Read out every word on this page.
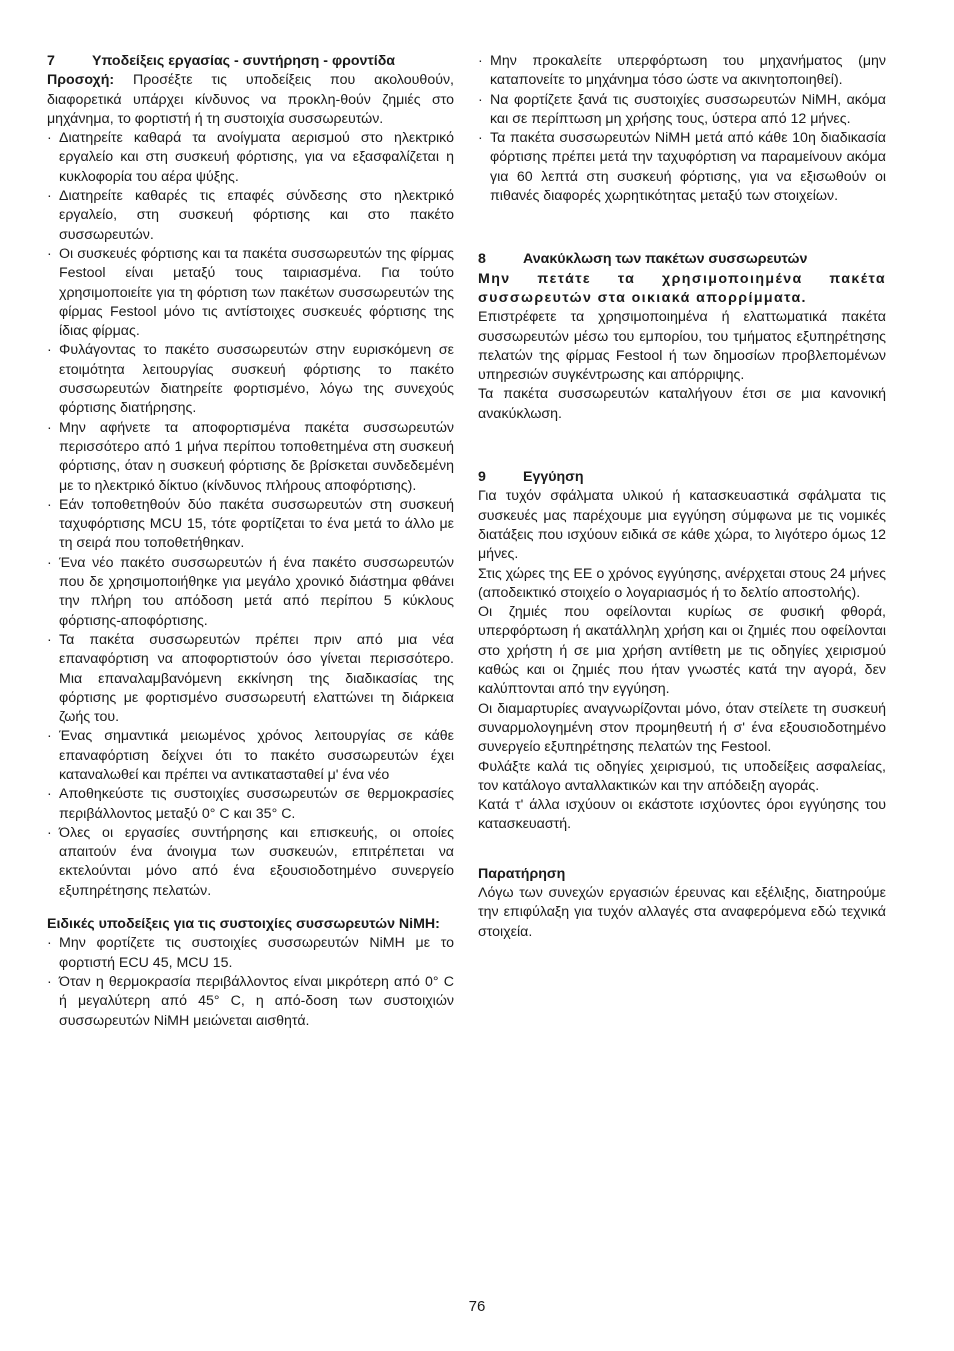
7	Υποδείξεις εργασίας - συντήρηση - φροντίδα

Προσοχή: Προσέξτε τις υποδείξεις που ακολουθούν, διαφορετικά υπάρχει κίνδυνος να προκλη-θούν ζημιές στο μηχάνημα, το φορτιστή ή τη συστοιχία συσσωρευτών.

· Διατηρείτε καθαρά τα ανοίγματα αερισμού στο ηλεκτρικό εργαλείο και στη συσκευή φόρτισης, για να εξασφαλίζεται η κυκλοφορία του αέρα ψύξης.
· Διατηρείτε καθαρές τις επαφές σύνδεσης στο ηλεκτρικό εργαλείο, στη συσκευή φόρτισης και στο πακέτο συσσωρευτών.
· Οι συσκευές φόρτισης και τα πακέτα συσσωρευτών της φίρμας Festool είναι μεταξύ τους ταιριασμένα. Για τούτο χρησιμοποιείτε για τη φόρτιση των πακέτων συσσωρευτών της φίρμας Festool μόνο τις αντίστοιχες συσκευές φόρτισης της ίδιας φίρμας.
· Φυλάγοντας το πακέτο συσσωρευτών στην ευρισκόμενη σε ετοιμότητα λειτουργίας συσκευή φόρτισης το πακέτο συσσωρευτών διατηρείτε φορτισμένο, λόγω της συνεχούς φόρτισης διατήρησης.
· Μην αφήνετε τα αποφορτισμένα πακέτα συσσωρευτών περισσότερο από 1 μήνα περίπου τοποθετημένα στη συσκευή φόρτισης, όταν η συσκευή φόρτισης δε βρίσκεται συνδεδεμένη με το ηλεκτρικό δίκτυο (κίνδυνος πλήρους αποφόρτισης).
· Εάν τοποθετηθούν δύο πακέτα συσσωρευτών στη συσκευή ταχυφόρτισης MCU 15, τότε φορτίζεται το ένα μετά το άλλο με τη σειρά που τοποθετήθηκαν.
· Ένα νέο πακέτο συσσωρευτών ή ένα πακέτο συσσωρευτών που δε χρησιμοποιήθηκε για μεγάλο χρονικό διάστημα φθάνει την πλήρη του απόδοση μετά από περίπου 5 κύκλους φόρτισης-αποφόρτισης.
· Τα πακέτα συσσωρευτών πρέπει πριν από μια νέα επαναφόρτιση να αποφορτιστούν όσο γίνεται περισσότερο. Μια επαναλαμβανόμενη εκκίνηση της διαδικασίας της φόρτισης με φορτισμένο συσσωρευτή ελαττώνει τη διάρκεια ζωής του.
· Ένας σημαντικά μειωμένος χρόνος λειτουργίας σε κάθε επαναφόρτιση δείχνει ότι το πακέτο συσσωρευτών έχει καταναλωθεί και πρέπει να αντικατασταθεί μ' ένα νέο
· Αποθηκεύστε τις συστοιχίες συσσωρευτών σε θερμοκρασίες περιβάλλοντος μεταξύ 0° C και 35° C.
· Όλες οι εργασίες συντήρησης και επισκευής, οι οποίες απαιτούν ένα άνοιγμα των συσκευών, επιτρέπεται να εκτελούνται μόνο από ένα εξουσιοδοτημένο συνεργείο εξυπηρέτησης πελατών.

Ειδικές υποδείξεις για τις συστοιχίες συσσωρευτών NiMH:

· Μην φορτίζετε τις συστοιχίες συσσωρευτών NiMH με το φορτιστή ECU 45, MCU 15.
· Όταν η θερμοκρασία περιβάλλοντος είναι μικρότερη από 0° C ή μεγαλύτερη από 45° C, η από-δοση των συστοιχιών συσσωρευτών NiMH μειώνεται αισθητά.
· Μην προκαλείτε υπερφόρτωση του μηχανήματος (μην καταπονείτε το μηχάνημα τόσο ώστε να ακινητοποιηθεί).
· Να φορτίζετε ξανά τις συστοιχίες συσσωρευτών NiMH, ακόμα και σε περίπτωση μη χρήσης τους, ύστερα από 12 μήνες.
· Τα πακέτα συσσωρευτών NiMH μετά από κάθε 10η διαδικασία φόρτισης πρέπει μετά την ταχυφόρτιση να παραμείνουν ακόμα για 60 λεπτά στη συσκευή φόρτισης, για να εξισωθούν οι πιθανές διαφορές χωρητικότητας μεταξύ των στοιχείων.
8	Ανακύκλωση των πακέτων συσσωρευτών

Μην πετάτε τα χρησιμοποιημένα πακέτα συσσωρευτών στα οικιακά απορρίμματα.

Επιστρέφετε τα χρησιμοποιημένα ή ελαττωματικά πακέτα συσσωρευτών μέσω του εμπορίου, του τμήματος εξυπηρέτησης πελατών της φίρμας Festool ή των δημοσίων προβλεπομένων υπηρεσιών συγκέντρωσης και απόρριψης.

Τα πακέτα συσσωρευτών καταλήγουν έτσι σε μια κανονική ανακύκλωση.

9	Εγγύηση

Για τυχόν σφάλματα υλικού ή κατασκευαστικά σφάλματα τις συσκευές μας παρέχουμε μια εγγύηση σύμφωνα με τις νομικές διατάξεις που ισχύουν ειδικά σε κάθε χώρα, το λιγότερο όμως 12 μήνες.

Στις χώρες της ΕΕ ο χρόνος εγγύησης, ανέρχεται στους 24 μήνες (αποδεικτικό στοιχείο ο λογαριασμός ή το δελτίο αποστολής).

Οι ζημιές που οφείλονται κυρίως σε φυσική φθορά, υπερφόρτωση ή ακατάλληλη χρήση και οι ζημιές που οφείλονται στο χρήστη ή σε μια χρήση αντίθετη με τις οδηγίες χειρισμού καθώς και οι ζημιές που ήταν γνωστές κατά την αγορά, δεν καλύπτονται από την εγγύηση.

Οι διαμαρτυρίες αναγνωρίζονται μόνο, όταν στείλετε τη συσκευή συναρμολογημένη στον προμηθευτή ή σ' ένα εξουσιοδοτημένο συνεργείο εξυπηρέτησης πελατών της Festool.

Φυλάξτε καλά τις οδηγίες χειρισμού, τις υποδείξεις ασφαλείας, τον κατάλογο ανταλλακτικών και την απόδειξη αγοράς.

Κατά τ' άλλα ισχύουν οι εκάστοτε ισχύοντες όροι εγγύησης του κατασκευαστή.

Παρατήρηση

Λόγω των συνεχών εργασιών έρευνας και εξέλιξης, διατηρούμε την επιφύλαξη για τυχόν αλλαγές στα αναφερόμενα εδώ τεχνικά στοιχεία.

76
